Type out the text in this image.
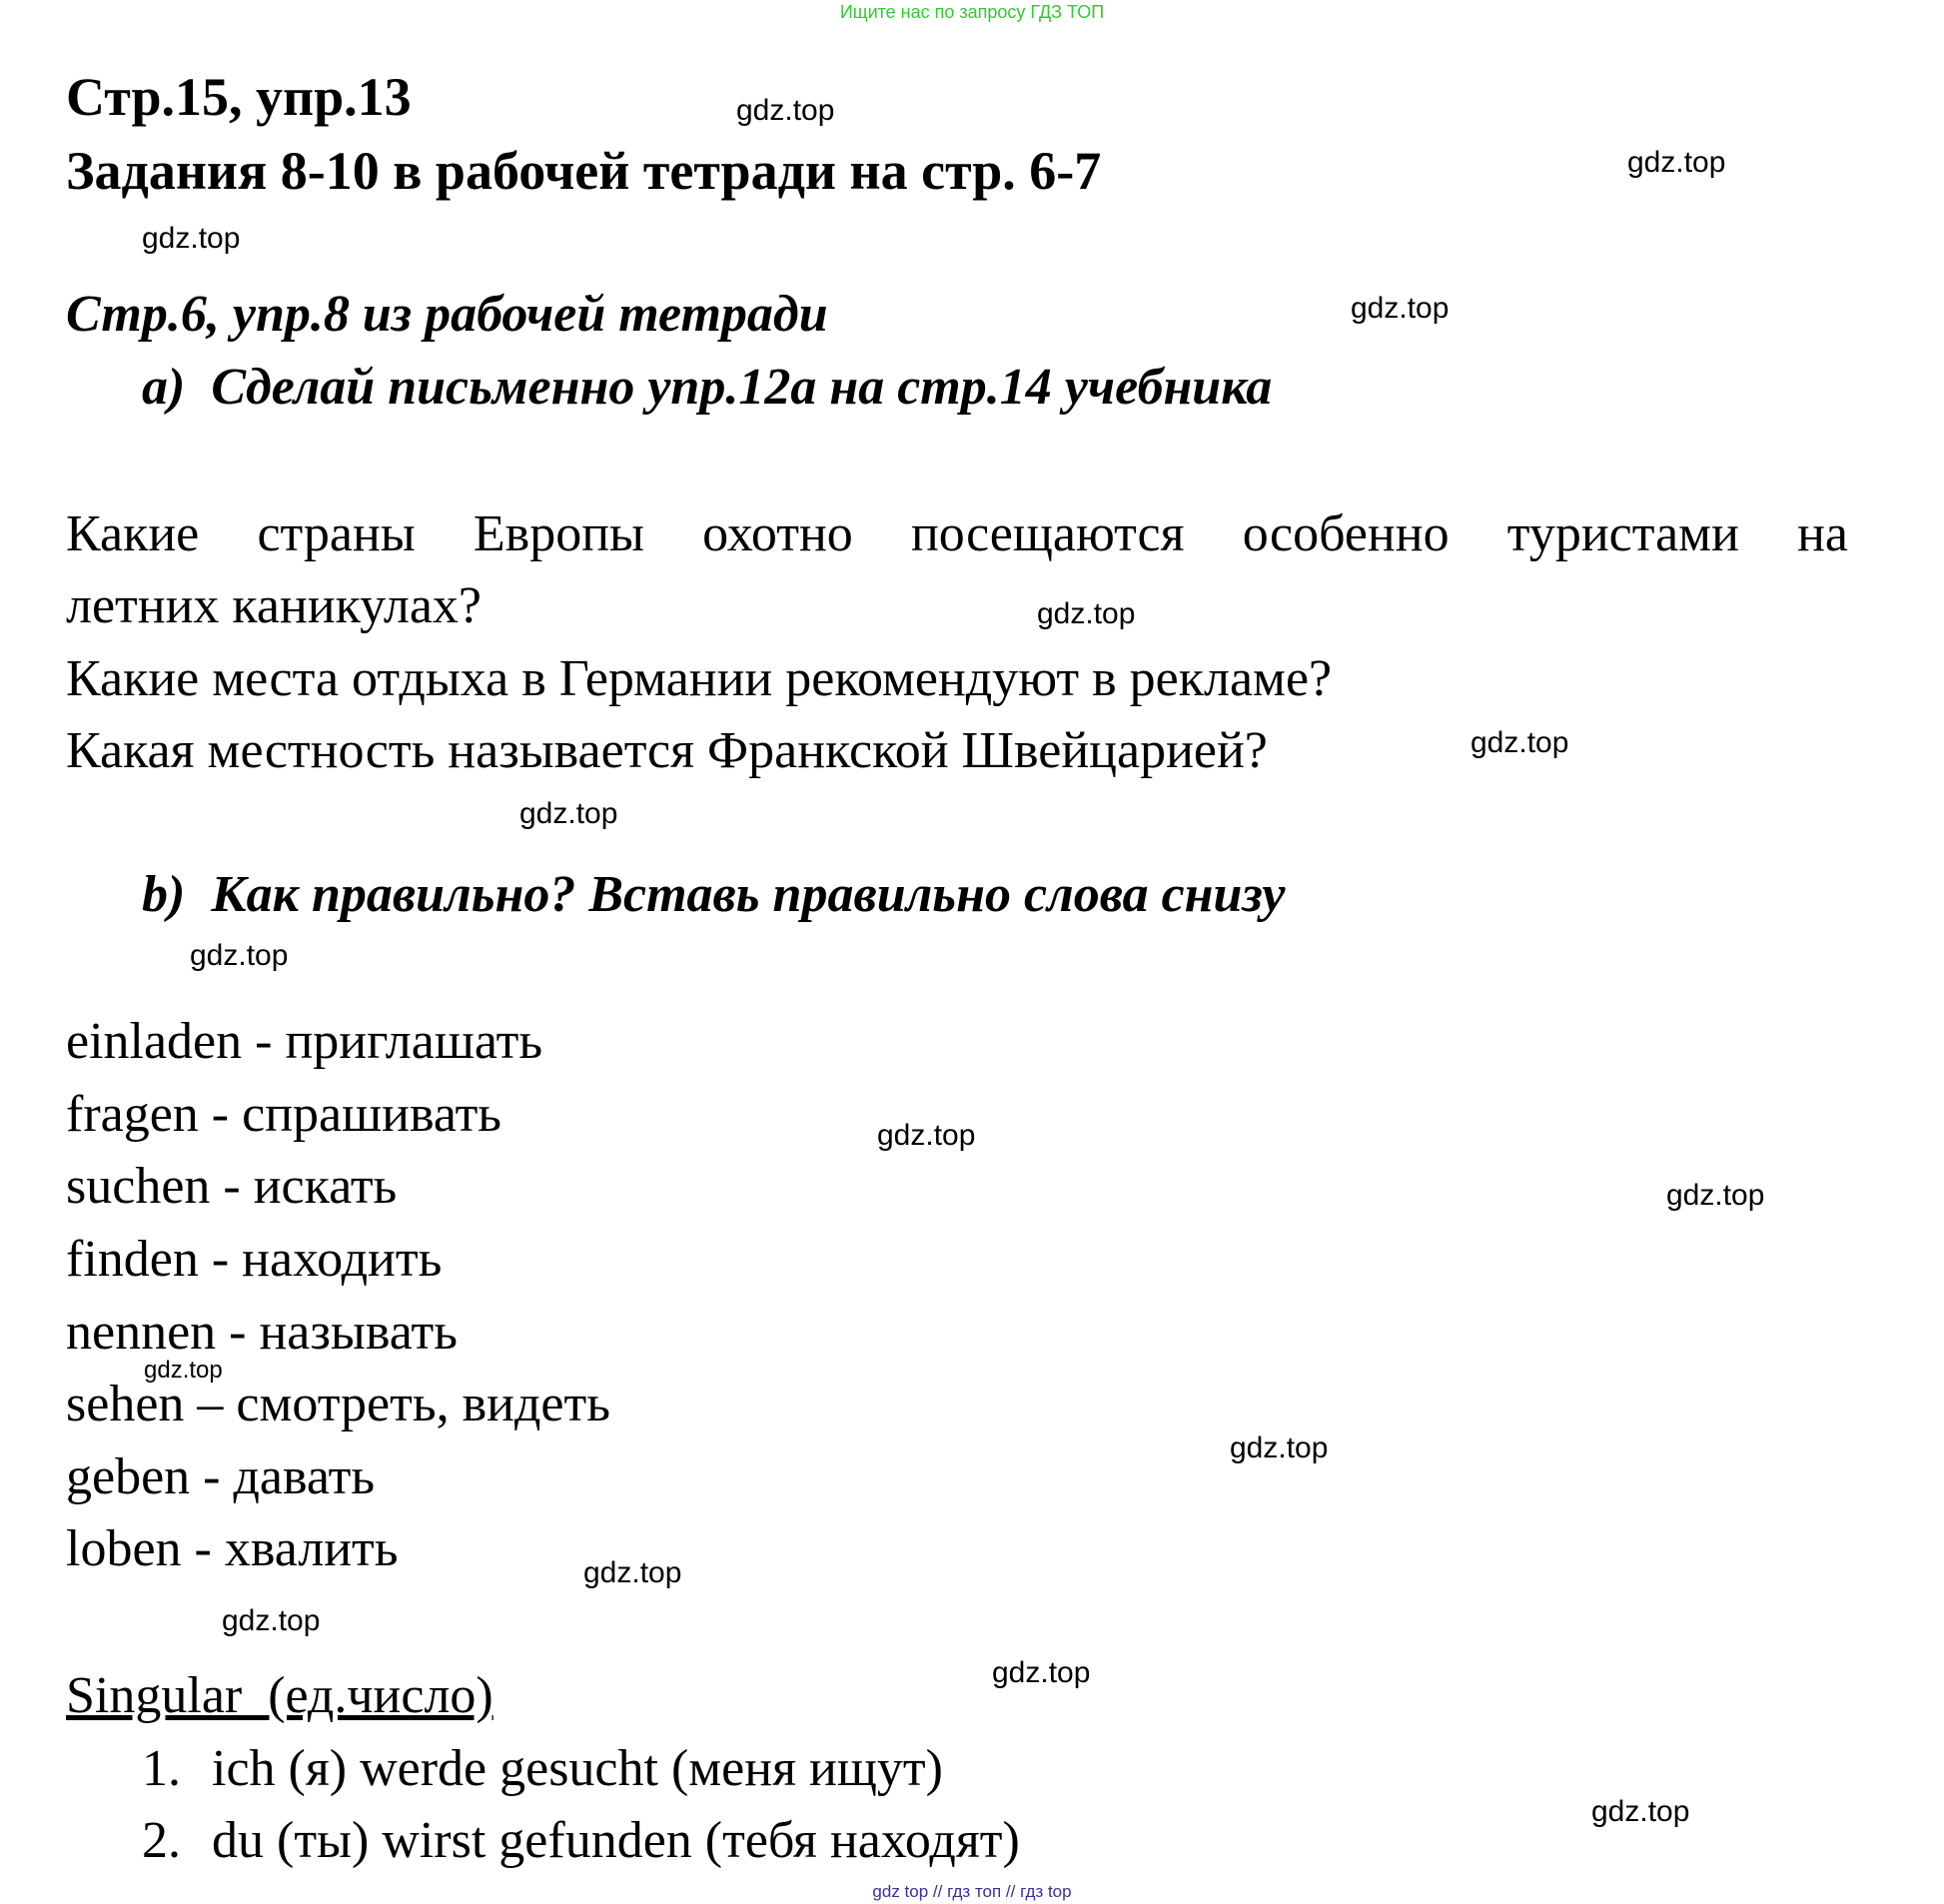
Ищите нас по запросу ГДЗ ТОП
Стр.15, упр.13
Задания 8-10 в рабочей тетради на стр. 6-7
Стр.6, упр.8 из рабочей тетради
a) Сделай письменно упр.12а на стр.14 учебника
Какие страны Европы охотно посещаются особенно туристами на
летних каникулах?
Какие места отдыха в Германии рекомендуют в рекламе?
Какая местность называется Франкской Швейцарией?
b) Как правильно? Вставь правильно слова снизу
einladen - приглашать
fragen - спрашивать
suchen - искать
finden - находить
nennen - называть
sehen – смотреть, видеть
geben - давать
loben - хвалить
Singular  (ед.число)
1. ich (я) werde gesucht (меня ищут)
2. du (ты) wirst gefunden (тебя находят)
gdz.top
gdz.top
gdz.top
gdz.top
gdz.top
gdz.top
gdz.top
gdz.top
gdz.top
gdz.top
gdz.top
gdz.top
gdz.top
gdz.top
gdz.top
gdz.top
gdz top // гдз топ // гдз top
